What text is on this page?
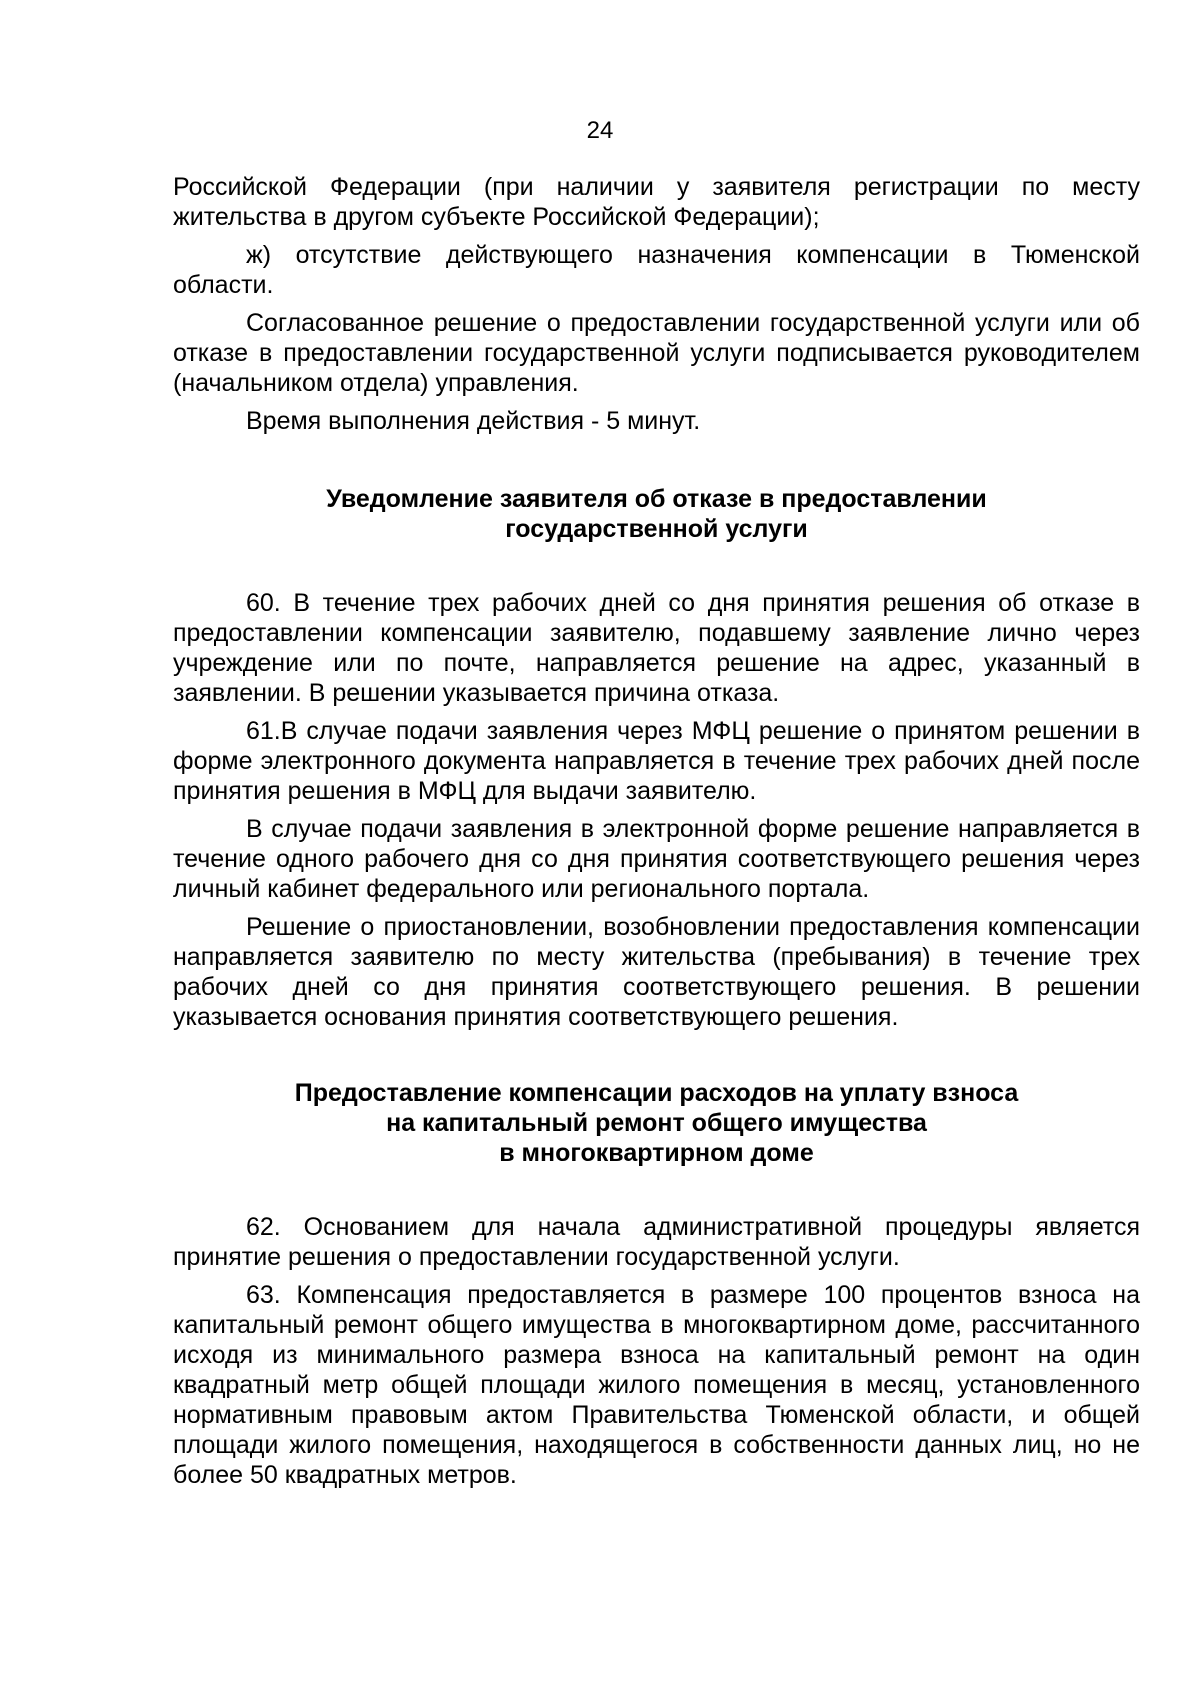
24

Российской Федерации (при наличии у заявителя регистрации по месту жительства в другом субъекте Российской Федерации);

ж) отсутствие действующего назначения компенсации в Тюменской области.

Согласованное решение о предоставлении государственной услуги или об отказе в предоставлении государственной услуги подписывается руководителем (начальником отдела) управления.

Время выполнения действия - 5 минут.

Уведомление заявителя об отказе в предоставлении
государственной услуги

60. В течение трех рабочих дней со дня принятия решения об отказе в предоставлении компенсации заявителю, подавшему заявление лично через учреждение или по почте, направляется решение на адрес, указанный в заявлении. В решении указывается причина отказа.

61.В случае подачи заявления через МФЦ решение о принятом решении в форме электронного документа направляется в течение трех рабочих дней после принятия решения в МФЦ для выдачи заявителю.

В случае подачи заявления в электронной форме решение направляется в течение одного рабочего дня со дня принятия соответствующего решения через личный кабинет федерального или регионального портала.

Решение о приостановлении, возобновлении предоставления компенсации направляется заявителю по месту жительства (пребывания) в течение трех рабочих дней со дня принятия соответствующего решения. В решении указывается основания принятия соответствующего решения.

Предоставление компенсации расходов на уплату взноса
на капитальный ремонт общего имущества
в многоквартирном доме

62. Основанием для начала административной процедуры является принятие решения о предоставлении государственной услуги.

63. Компенсация предоставляется в размере 100 процентов взноса на капитальный ремонт общего имущества в многоквартирном доме, рассчитанного исходя из минимального размера взноса на капитальный ремонт на один квадратный метр общей площади жилого помещения в месяц, установленного нормативным правовым актом Правительства Тюменской области, и общей площади жилого помещения, находящегося в собственности данных лиц, но не более 50 квадратных метров.
